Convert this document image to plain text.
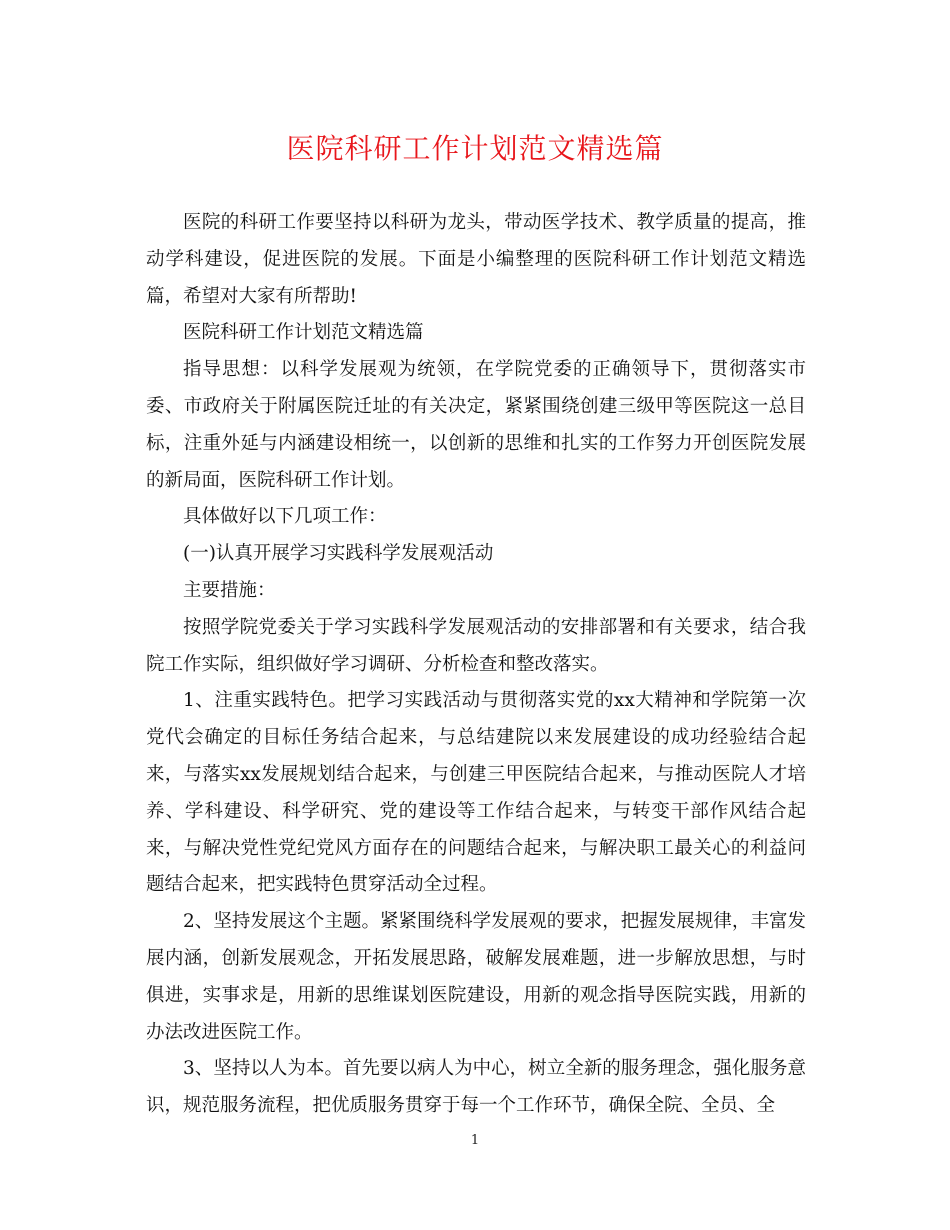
医院科研工作计划范文精选篇

医院的科研工作要坚持以科研为龙头，带动医学技术、教学质量的提高，推动学科建设，促进医院的发展。下面是小编整理的医院科研工作计划范文精选篇，希望对大家有所帮助!

医院科研工作计划范文精选篇

指导思想：以科学发展观为统领，在学院党委的正确领导下，贯彻落实市委、市政府关于附属医院迁址的有关决定，紧紧围绕创建三级甲等医院这一总目标，注重外延与内涵建设相统一，以创新的思维和扎实的工作努力开创医院发展的新局面，医院科研工作计划。

具体做好以下几项工作：

(一)认真开展学习实践科学发展观活动

主要措施：

按照学院党委关于学习实践科学发展观活动的安排部署和有关要求，结合我院工作实际，组织做好学习调研、分析检查和整改落实。

1、注重实践特色。把学习实践活动与贯彻落实党的xx大精神和学院第一次党代会确定的目标任务结合起来，与总结建院以来发展建设的成功经验结合起来，与落实xx发展规划结合起来，与创建三甲医院结合起来，与推动医院人才培养、学科建设、科学研究、党的建设等工作结合起来，与转变干部作风结合起来，与解决党性党纪党风方面存在的问题结合起来，与解决职工最关心的利益问题结合起来，把实践特色贯穿活动全过程。

2、坚持发展这个主题。紧紧围绕科学发展观的要求，把握发展规律，丰富发展内涵，创新发展观念，开拓发展思路，破解发展难题，进一步解放思想，与时俱进，实事求是，用新的思维谋划医院建设，用新的观念指导医院实践，用新的办法改进医院工作。

3、坚持以人为本。首先要以病人为中心，树立全新的服务理念，强化服务意识，规范服务流程，把优质服务贯穿于每一个工作环节，确保全院、全员、全

1
